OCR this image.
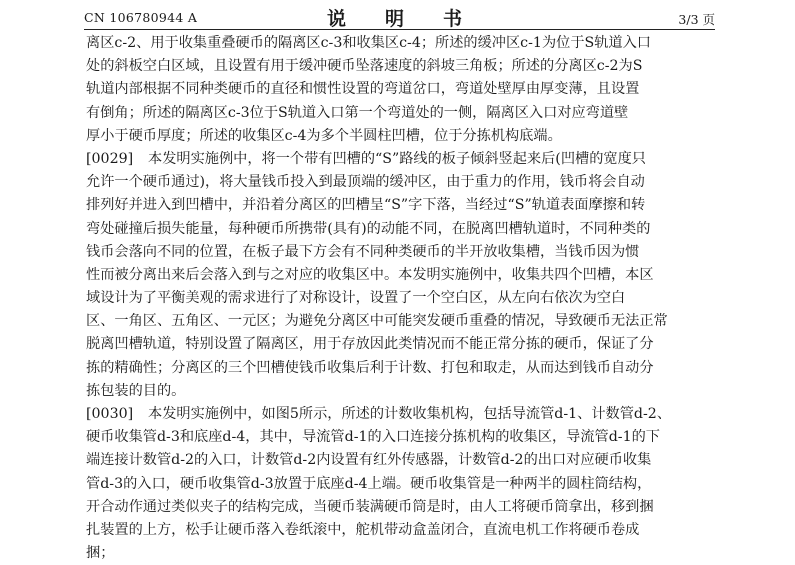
CN 106780944 A	说　明　书	3/3 页
离区c-2、用于收集重叠硬币的隔离区c-3和收集区c-4；所述的缓冲区c-1为位于S轨道入口
处的斜板空白区域，且设置有用于缓冲硬币坠落速度的斜坡三角板；所述的分离区c-2为S
轨道内部根据不同种类硬币的直径和惯性设置的弯道岔口，弯道处壁厚由厚变薄，且设置
有倒角；所述的隔离区c-3位于S轨道入口第一个弯道处的一侧，隔离区入口对应弯道壁
厚小于硬币厚度；所述的收集区c-4为多个半圆柱凹槽，位于分拣机构底端。
[0029] 本发明实施例中，将一个带有凹槽的“S”路线的板子倾斜竖起来后(凹槽的宽度只
允许一个硬币通过)，将大量钱币投入到最顶端的缓冲区，由于重力的作用，钱币将会自动
排列好并进入到凹槽中，并沿着分离区的凹槽呈“S”字下落，当经过“S”轨道表面摩擦和转
弯处碰撞后损失能量，每种硬币所携带(具有)的动能不同，在脱离凹槽轨道时，不同种类的
钱币会落向不同的位置，在板子最下方会有不同种类硬币的半开放收集槽，当钱币因为惯
性而被分离出来后会落入到与之对应的收集区中。本发明实施例中，收集共四个凹槽，本区
域设计为了平衡美观的需求进行了对称设计，设置了一个空白区，从左向右依次为空白
区、一角区、五角区、一元区；为避免分离区中可能突发硬币重叠的情况，导致硬币无法正常
脱离凹槽轨道，特别设置了隔离区，用于存放因此类情况而不能正常分拣的硬币，保证了分
拣的精确性；分离区的三个凹槽使钱币收集后利于计数、打包和取走，从而达到钱币自动分
拣包装的目的。
[0030] 本发明实施例中，如图5所示，所述的计数收集机构，包括导流管d-1、计数管d-2、
硬币收集管d-3和底座d-4，其中，导流管d-1的入口连接分拣机构的收集区，导流管d-1的下
端连接计数管d-2的入口，计数管d-2内设置有红外传感器，计数管d-2的出口对应硬币收集
管d-3的入口，硬币收集管d-3放置于底座d-4上端。硬币收集管是一种两半的圆柱筒结构，
开合动作通过类似夹子的结构完成，当硬币装满硬币筒是时，由人工将硬币筒拿出，移到捆
扎装置的上方，松手让硬币落入卷纸滚中，舵机带动盒盖闭合，直流电机工作将硬币卷成
捆；
